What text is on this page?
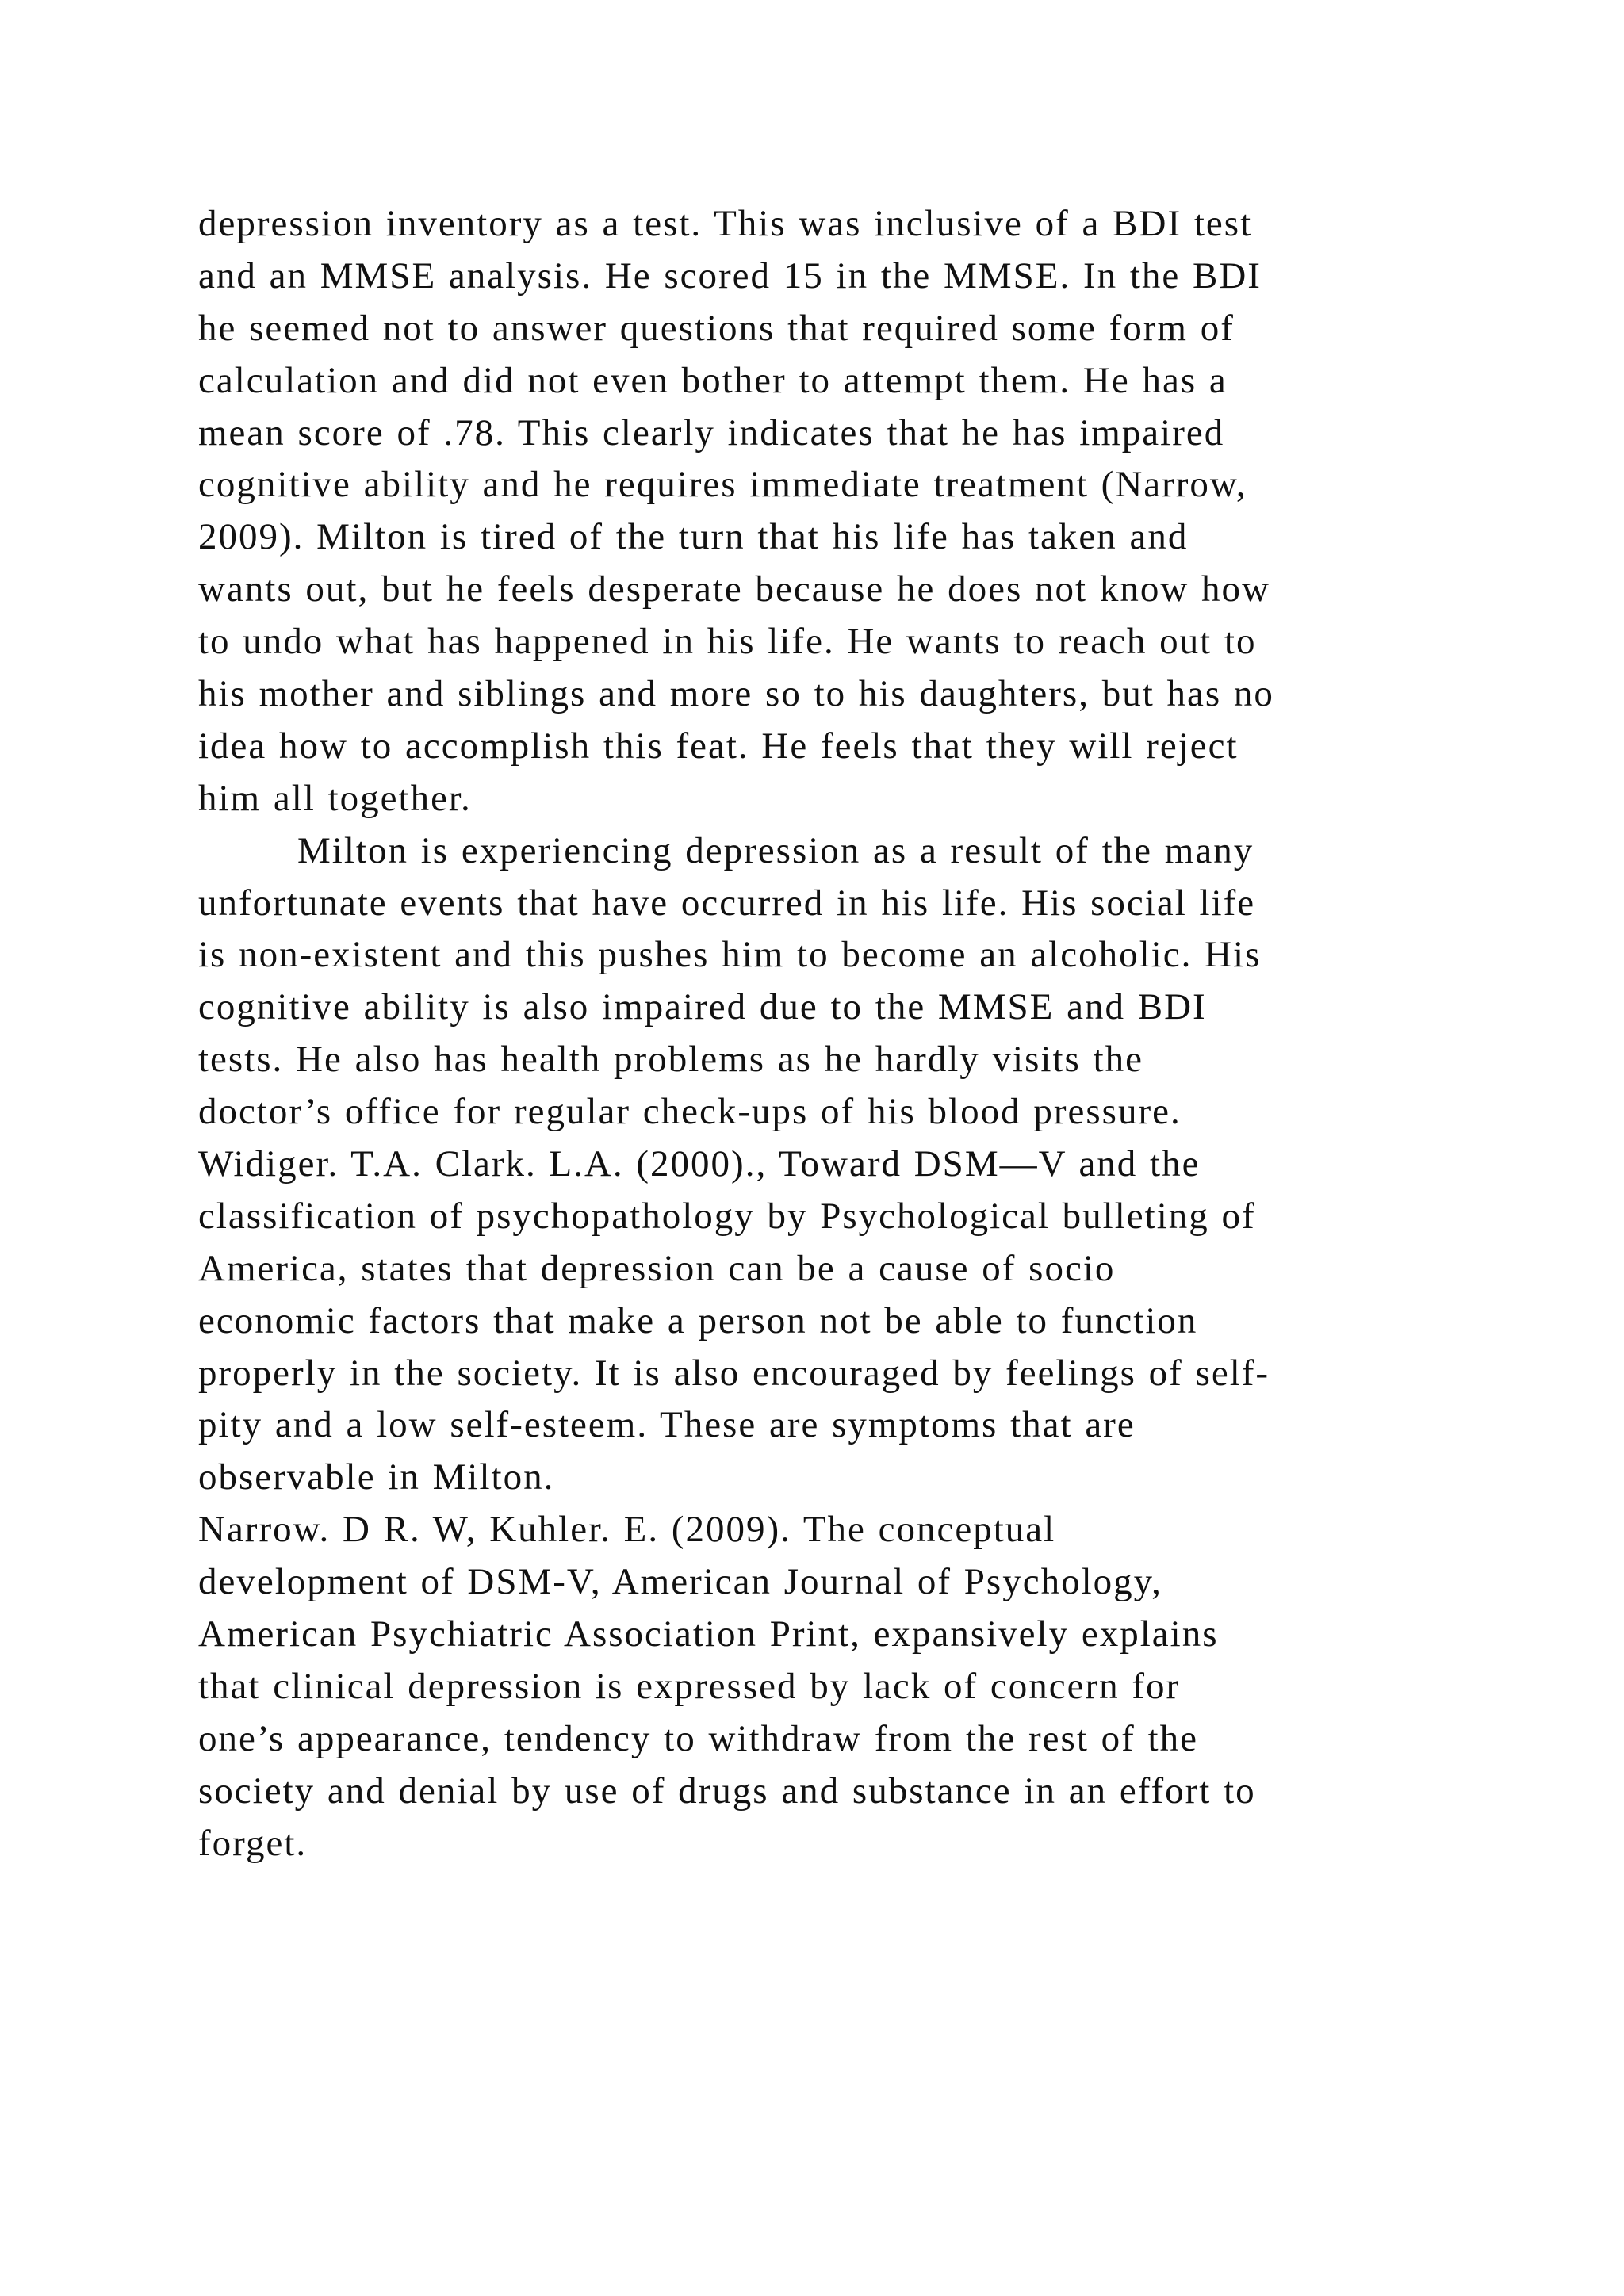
depression inventory as a test. This was inclusive of a BDI test
and an MMSE analysis. He scored 15 in the MMSE. In the BDI
he seemed not to answer questions that required some form of
calculation and did not even bother to attempt them. He has a
mean score of .78. This clearly indicates that he has impaired
cognitive ability and he requires immediate treatment (Narrow,
2009). Milton is tired of the turn that his life has taken and
wants out, but he feels desperate because he does not know how
to undo what has happened in his life. He wants to reach out to
his mother and siblings and more so to his daughters, but has no
idea how to accomplish this feat. He feels that they will reject
him all together.
Milton is experiencing depression as a result of the many
unfortunate events that have occurred in his life. His social life
is non-existent and this pushes him to become an alcoholic. His
cognitive ability is also impaired due to the MMSE and BDI
tests. He also has health problems as he hardly visits the
doctor’s office for regular check-ups of his blood pressure.
Widiger. T.A. Clark. L.A. (2000)., Toward DSM—V and the
classification of psychopathology by Psychological bulleting of
America, states that depression can be a cause of socio
economic factors that make a person not be able to function
properly in the society. It is also encouraged by feelings of self-
pity and a low self-esteem. These are symptoms that are
observable in Milton.
Narrow. D R. W, Kuhler. E. (2009). The conceptual
development of DSM-V, American Journal of Psychology,
American Psychiatric Association Print, expansively explains
that clinical depression is expressed by lack of concern for
one’s appearance, tendency to withdraw from the rest of the
society and denial by use of drugs and substance in an effort to
forget.
